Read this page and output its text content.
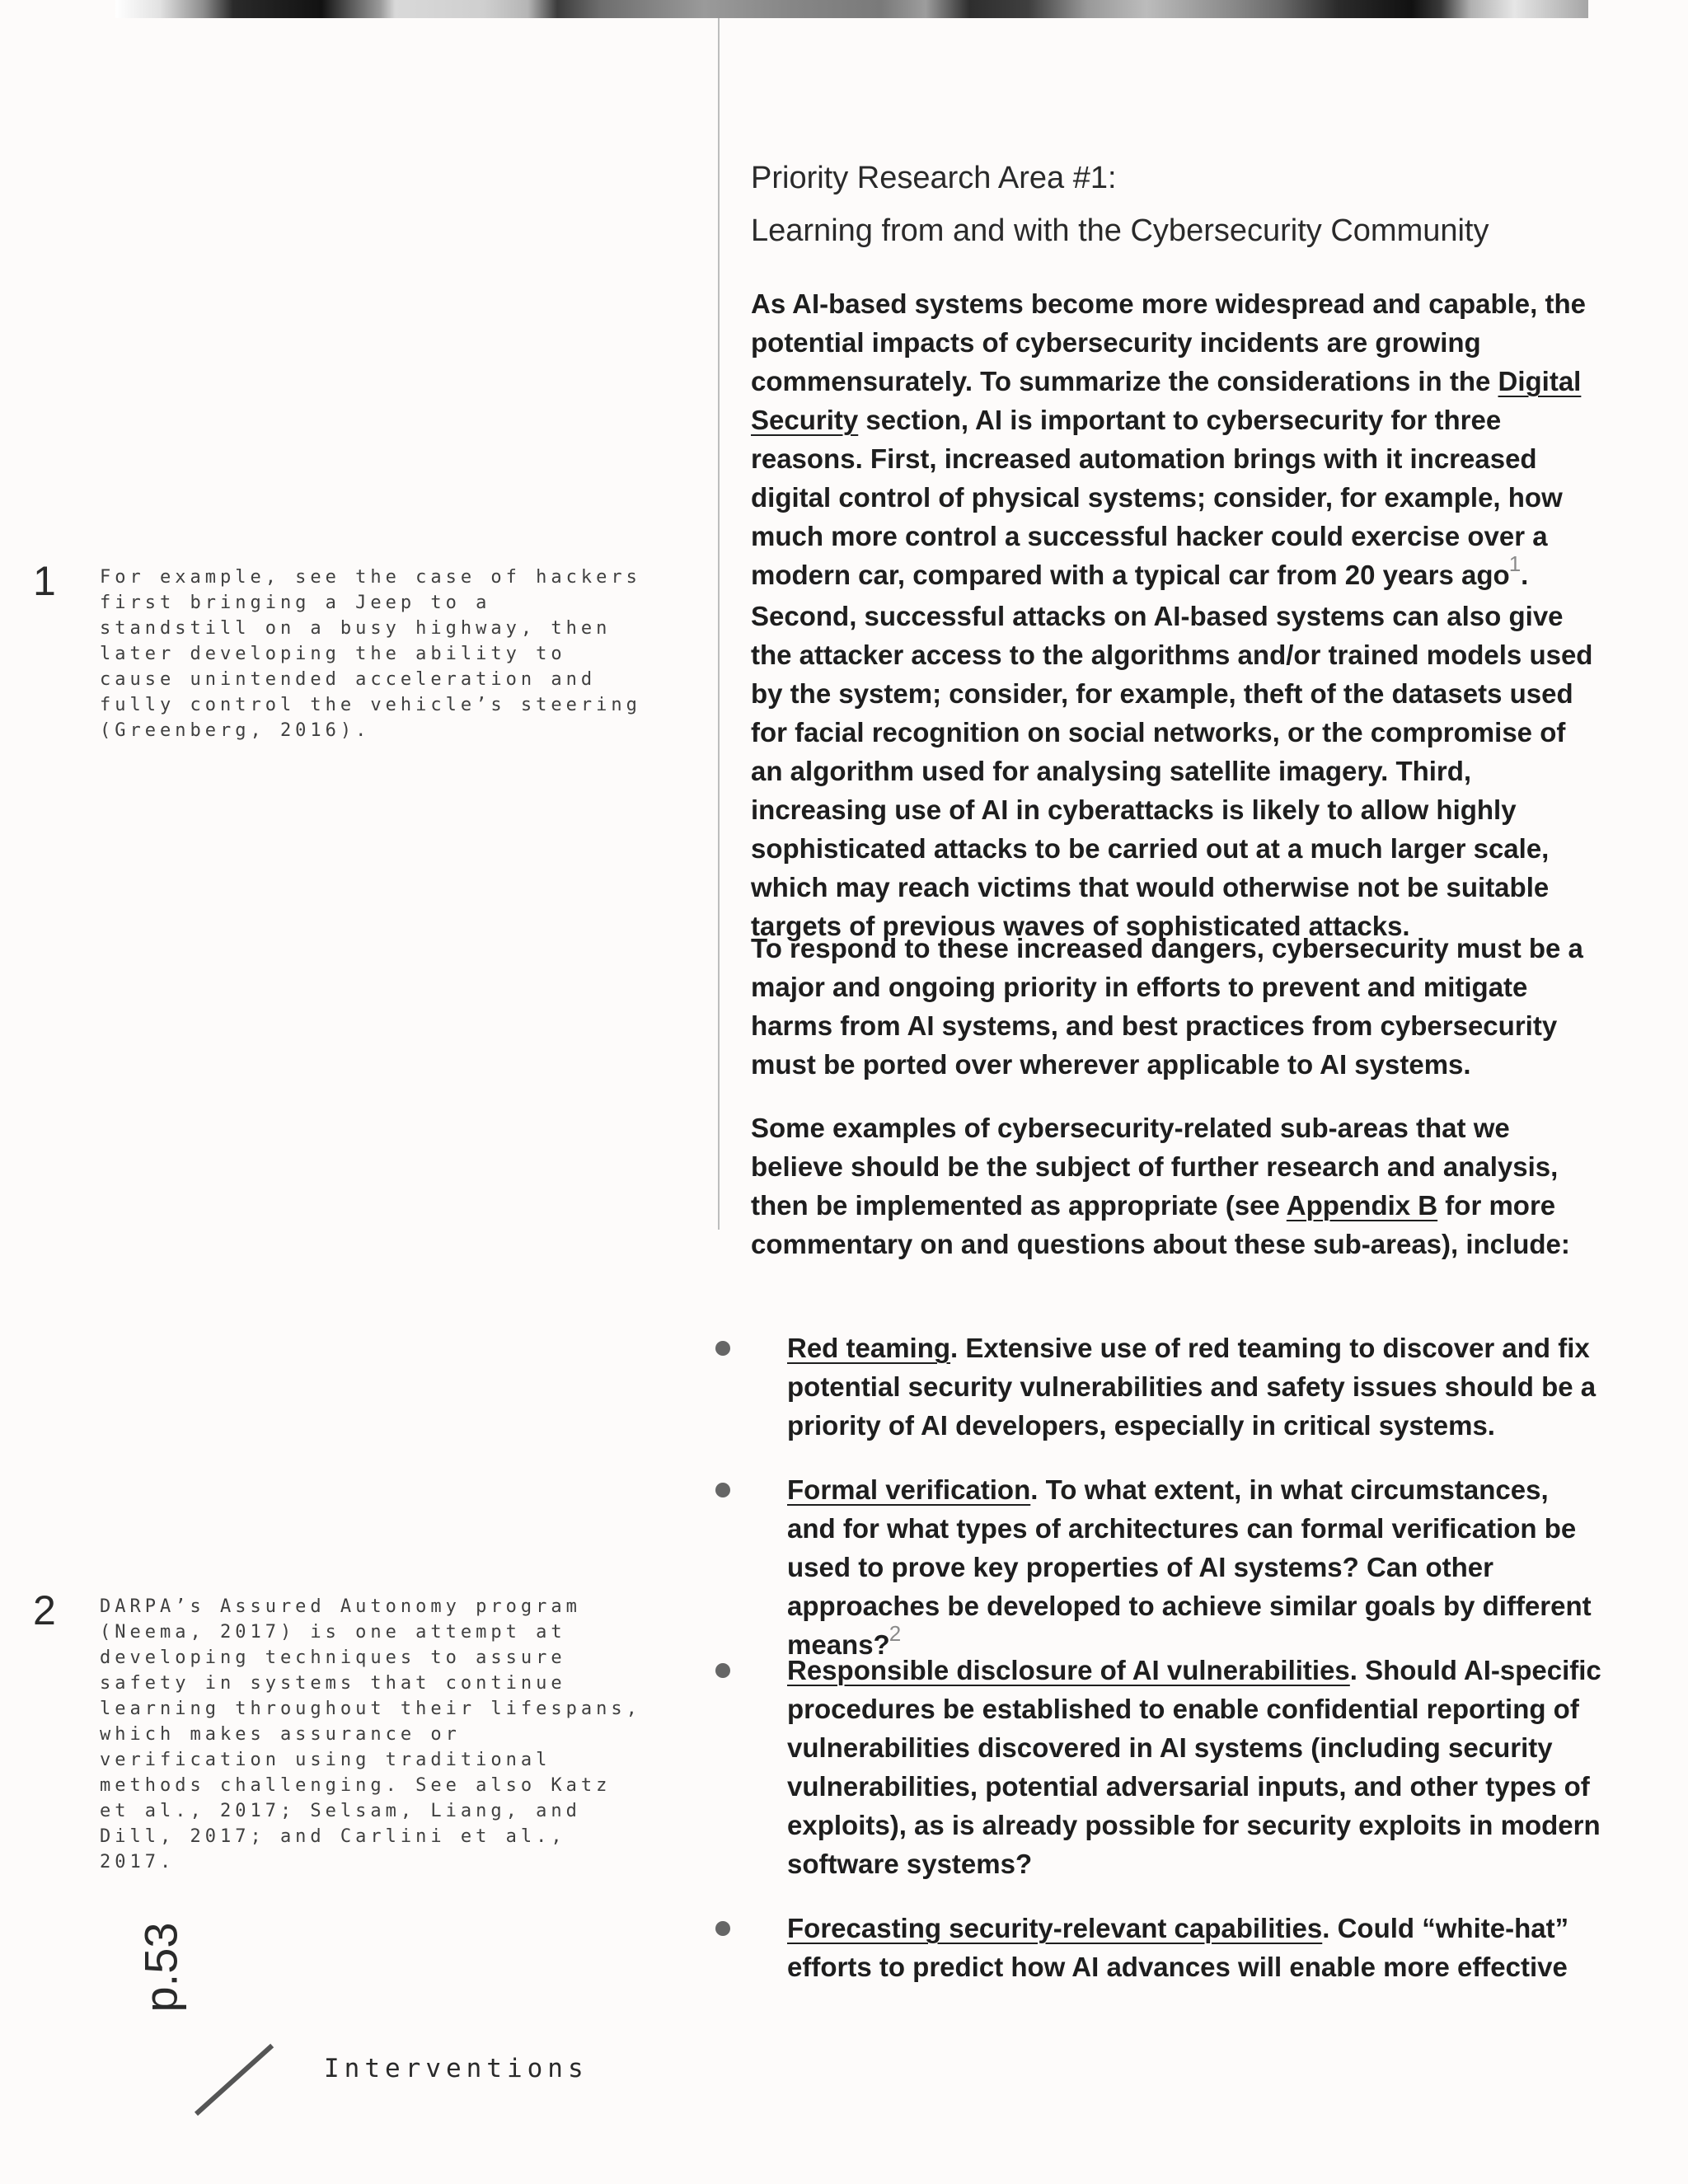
Priority Research Area #1:
Learning from and with the Cybersecurity Community
As AI-based systems become more widespread and capable, the potential impacts of cybersecurity incidents are growing commensurately. To summarize the considerations in the Digital Security section, AI is important to cybersecurity for three reasons. First, increased automation brings with it increased digital control of physical systems; consider, for example, how much more control a successful hacker could exercise over a modern car, compared with a typical car from 20 years ago$^1$. Second, successful attacks on AI-based systems can also give the attacker access to the algorithms and/or trained models used by the system; consider, for example, theft of the datasets used for facial recognition on social networks, or the compromise of an algorithm used for analysing satellite imagery. Third, increasing use of AI in cyberattacks is likely to allow highly sophisticated attacks to be carried out at a much larger scale, which may reach victims that would otherwise not be suitable targets of previous waves of sophisticated attacks.
To respond to these increased dangers, cybersecurity must be a major and ongoing priority in efforts to prevent and mitigate harms from AI systems, and best practices from cybersecurity must be ported over wherever applicable to AI systems.
Some examples of cybersecurity-related sub-areas that we believe should be the subject of further research and analysis, then be implemented as appropriate (see Appendix B for more commentary on and questions about these sub-areas), include:
Red teaming. Extensive use of red teaming to discover and fix potential security vulnerabilities and safety issues should be a priority of AI developers, especially in critical systems.
Formal verification. To what extent, in what circumstances, and for what types of architectures can formal verification be used to prove key properties of AI systems? Can other approaches be developed to achieve similar goals by different means?$^2$
Responsible disclosure of AI vulnerabilities. Should AI-specific procedures be established to enable confidential reporting of vulnerabilities discovered in AI systems (including security vulnerabilities, potential adversarial inputs, and other types of exploits), as is already possible for security exploits in modern software systems?
Forecasting security-relevant capabilities. Could “white-hat” efforts to predict how AI advances will enable more effective
1 For example, see the case of hackers first bringing a Jeep to a standstill on a busy highway, then later developing the ability to cause unintended acceleration and fully control the vehicle’s steering (Greenberg, 2016).
2 DARPA’s Assured Autonomy program (Neema, 2017) is one attempt at developing techniques to assure safety in systems that continue learning throughout their lifespans, which makes assurance or verification using traditional methods challenging. See also Katz et al., 2017; Selsam, Liang, and Dill, 2017; and Carlini et al., 2017.
p.53
Interventions
